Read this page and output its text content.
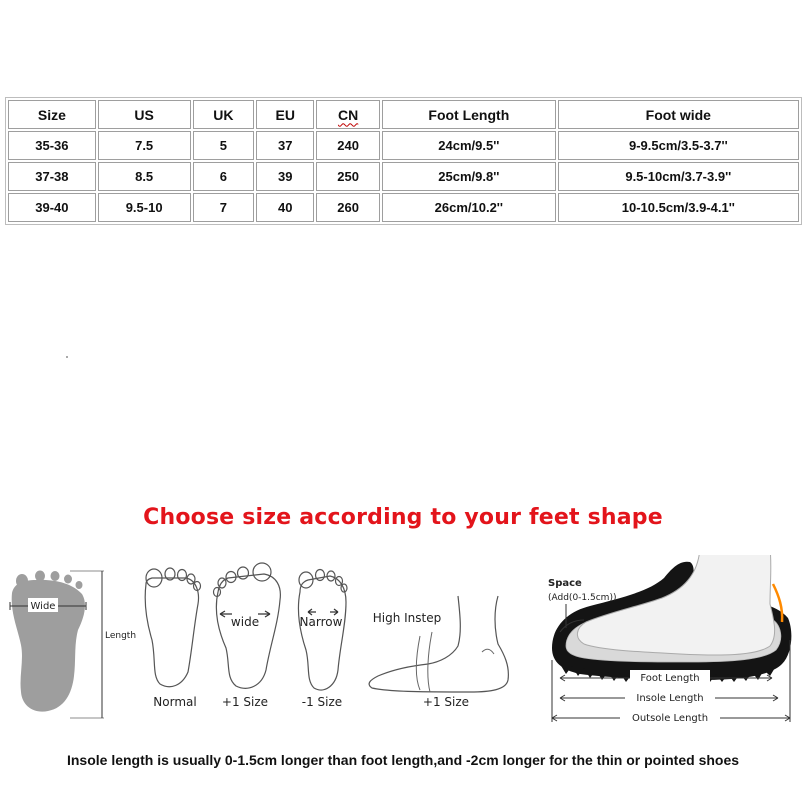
Size	US	UK	EU	CN	Foot Length	Foot wide
35-36	7.5	5	37	240	24cm/9.5''	9-9.5cm/3.5-3.7''
37-38	8.5	6	39	250	25cm/9.8''	9.5-10cm/3.7-3.9''
39-40	9.5-10	7	40	260	26cm/10.2''	10-10.5cm/3.9-4.1''
Choose size according to your feet shape
Wide
Length
Normal
wide
+1 Size
Narrow
-1 Size
High Instep
+1 Size
Space
(Add(0-1.5cm))
Foot Length
Insole Length
Outsole Length
Insole length is usually 0-1.5cm longer than foot length,and -2cm longer for the thin or pointed shoes
